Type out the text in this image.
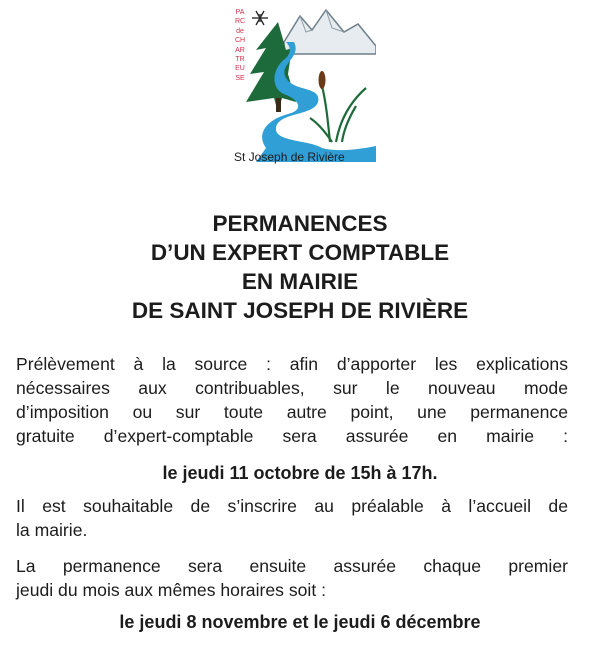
PARC de CHARTREUSE
St Joseph de Rivière
PERMANENCES
D’UN EXPERT COMPTABLE
EN MAIRIE
DE SAINT JOSEPH DE RIVIÈRE

Prélèvement à la source : afin d’apporter les explications
nécessaires aux contribuables, sur le nouveau mode
d’imposition ou sur toute autre point, une permanence
gratuite d’expert-comptable sera assurée en mairie :

le jeudi 11 octobre de 15h à 17h.

Il est souhaitable de s’inscrire au préalable à l’accueil de
la mairie.

La permanence sera ensuite assurée chaque premier
jeudi du mois aux mêmes horaires soit :

le jeudi 8 novembre et le jeudi 6 décembre
